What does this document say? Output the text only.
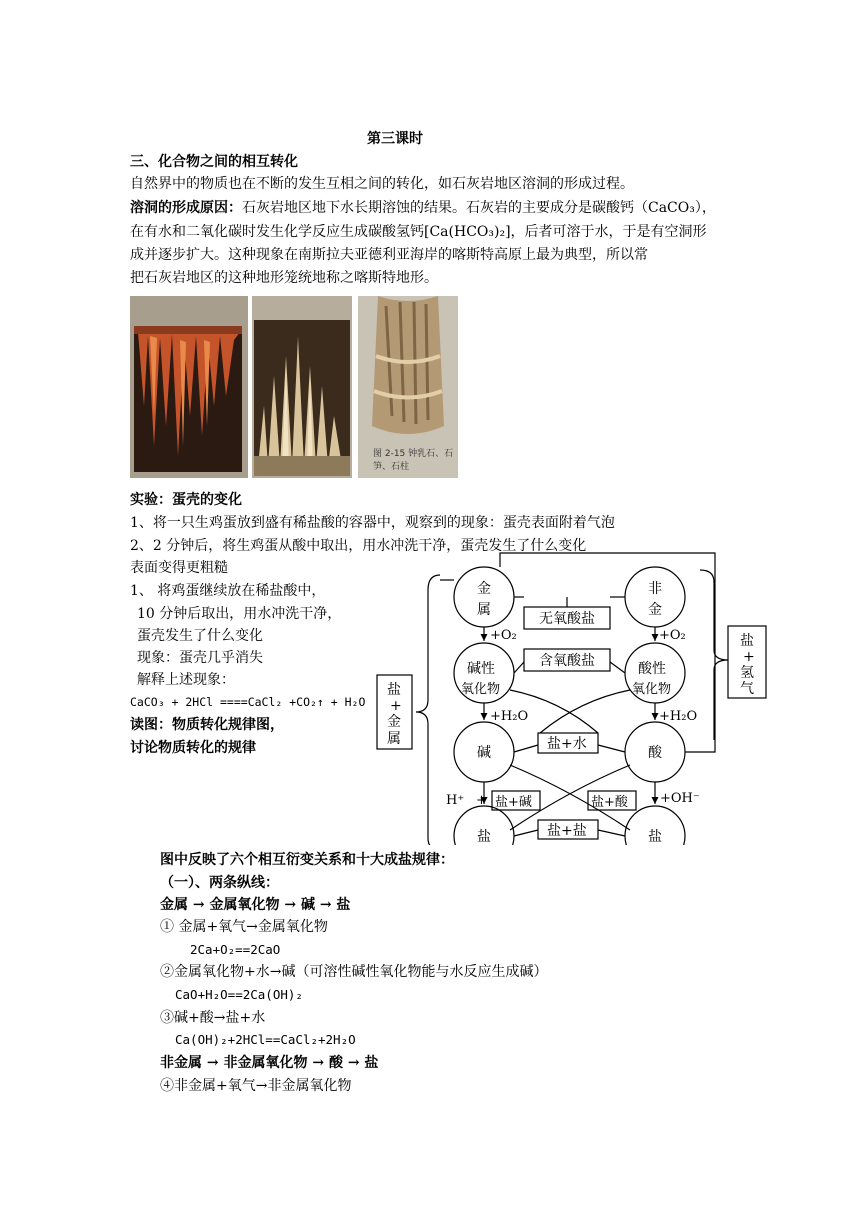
第三课时
三、化合物之间的相互转化
自然界中的物质也在不断的发生互相之间的转化，如石灰岩地区溶洞的形成过程。
溶洞的形成原因：石灰岩地区地下水长期溶蚀的结果。石灰岩的主要成分是碳酸钙（CaCO₃），
在有水和二氧化碳时发生化学反应生成碳酸氢钙[Ca(HCO₃)₂]，后者可溶于水，于是有空洞形
成并逐步扩大。这种现象在南斯拉夫亚德利亚海岸的喀斯特高原上最为典型，所以常
把石灰岩地区的这种地形笼统地称之喀斯特地形。
图 2-15 钟乳石、石
笋、石柱
实验：蛋壳的变化
1、将一只生鸡蛋放到盛有稀盐酸的容器中，观察到的现象：蛋壳表面附着气泡
2、2 分钟后，将生鸡蛋从酸中取出，用水冲洗干净，蛋壳发生了什么变化
表面变得更粗糙
1、 将鸡蛋继续放在稀盐酸中，
10 分钟后取出，用水冲洗干净，
蛋壳发生了什么变化
现象：蛋壳几乎消失
解释上述现象：
CaCO₃ + 2HCl ====CaCl₂ +CO₂↑ + H₂O
读图：物质转化规律图，
讨论物质转化的规律
金
属
非
金
碱性
氧化物
酸性
氧化物
碱	酸
盐	盐
无氧酸盐
含氧酸盐
盐+水
盐+碱	盐+酸
盐+盐
+O₂	+O₂
+H₂O	+H₂O
H⁺ +	+OH⁻
盐
+
金
属
盐
+
氢
气
图中反映了六个相互衍变关系和十大成盐规律：
（一）、两条纵线：
金属 → 金属氧化物 → 碱 → 盐
① 金属+氧气→金属氧化物
2Ca+O₂==2CaO
②金属氧化物+水→碱（可溶性碱性氧化物能与水反应生成碱）
CaO+H₂O==2Ca(OH)₂
③碱+酸→盐+水
Ca(OH)₂+2HCl==CaCl₂+2H₂O
非金属 → 非金属氧化物 → 酸 → 盐
④非金属+氧气→非金属氧化物
